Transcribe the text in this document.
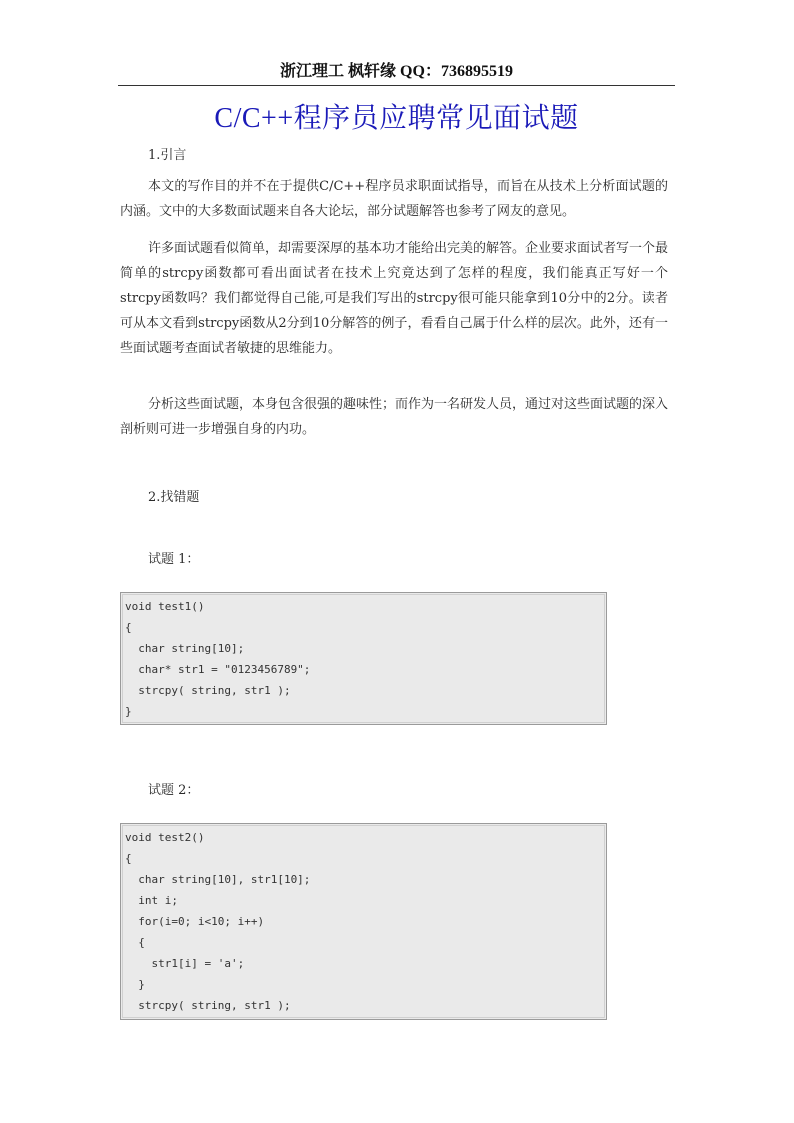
浙江理工 枫轩缘 QQ：736895519
C/C++程序员应聘常见面试题

1.引言

本文的写作目的并不在于提供C/C++程序员求职面试指导，而旨在从技术上分析面试题的内涵。文中的大多数面试题来自各大论坛，部分试题解答也参考了网友的意见。

许多面试题看似简单，却需要深厚的基本功才能给出完美的解答。企业要求面试者写一个最简单的strcpy函数都可看出面试者在技术上究竟达到了怎样的程度，我们能真正写好一个strcpy函数吗？我们都觉得自己能,可是我们写出的strcpy很可能只能拿到10分中的2分。读者可从本文看到strcpy函数从2分到10分解答的例子，看看自己属于什么样的层次。此外，还有一些面试题考查面试者敏捷的思维能力。

分析这些面试题，本身包含很强的趣味性；而作为一名研发人员，通过对这些面试题的深入剖析则可进一步增强自身的内功。

2.找错题

试题 1：

void test1()
{
char string[10];
char* str1 = "0123456789";
strcpy( string, str1 );
}

试题 2：

void test2()
{
char string[10], str1[10];
int i;
for(i=0; i<10; i++)
{
str1[i] = 'a';
}
strcpy( string, str1 );
